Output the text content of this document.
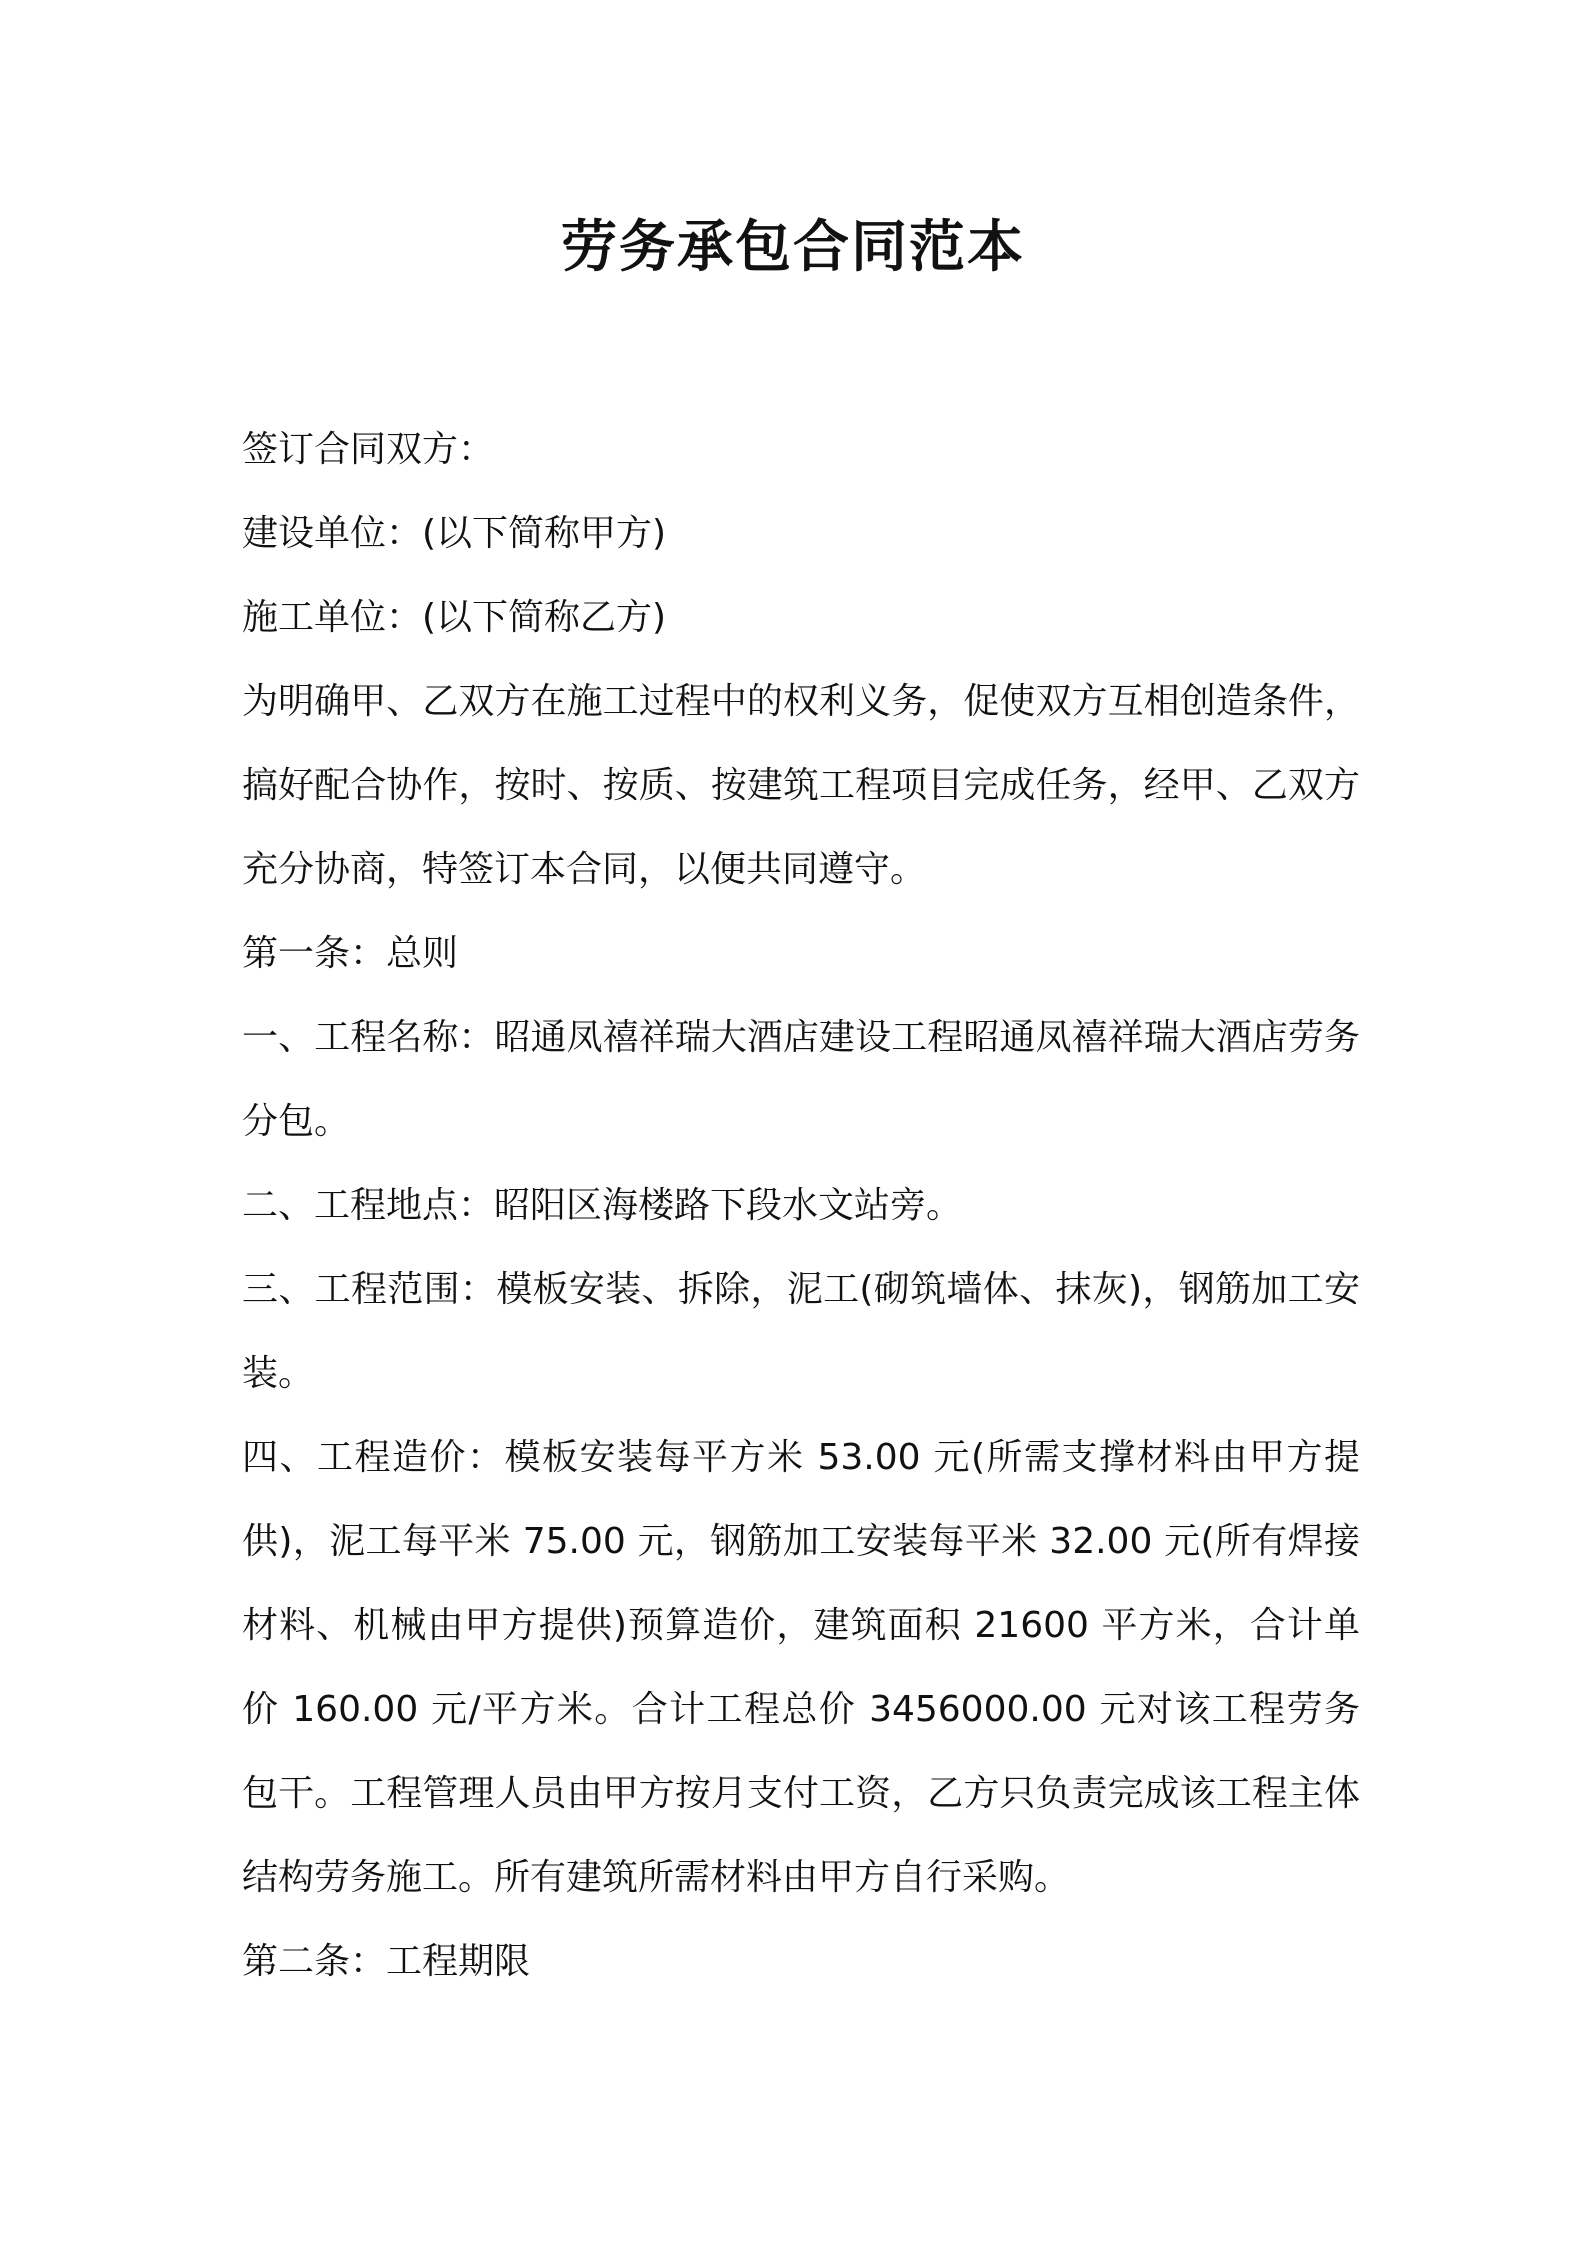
劳务承包合同范本

签订合同双方：

建设单位：(以下简称甲方)

施工单位：(以下简称乙方)

为明确甲、乙双方在施工过程中的权利义务，促使双方互相创造条件，搞好配合协作，按时、按质、按建筑工程项目完成任务，经甲、乙双方充分协商，特签订本合同，以便共同遵守。

第一条：总则

一、工程名称：昭通凤禧祥瑞大酒店建设工程昭通凤禧祥瑞大酒店劳务分包。

二、工程地点：昭阳区海楼路下段水文站旁。

三、工程范围：模板安装、拆除，泥工(砌筑墙体、抹灰)，钢筋加工安装。

四、工程造价：模板安装每平方米 53.00 元(所需支撑材料由甲方提供)，泥工每平米 75.00 元，钢筋加工安装每平米 32.00 元(所有焊接材料、机械由甲方提供)预算造价，建筑面积 21600 平方米，合计单价 160.00 元/平方米。合计工程总价 3456000.00 元对该工程劳务包干。工程管理人员由甲方按月支付工资，乙方只负责完成该工程主体结构劳务施工。所有建筑所需材料由甲方自行采购。

第二条：工程期限
